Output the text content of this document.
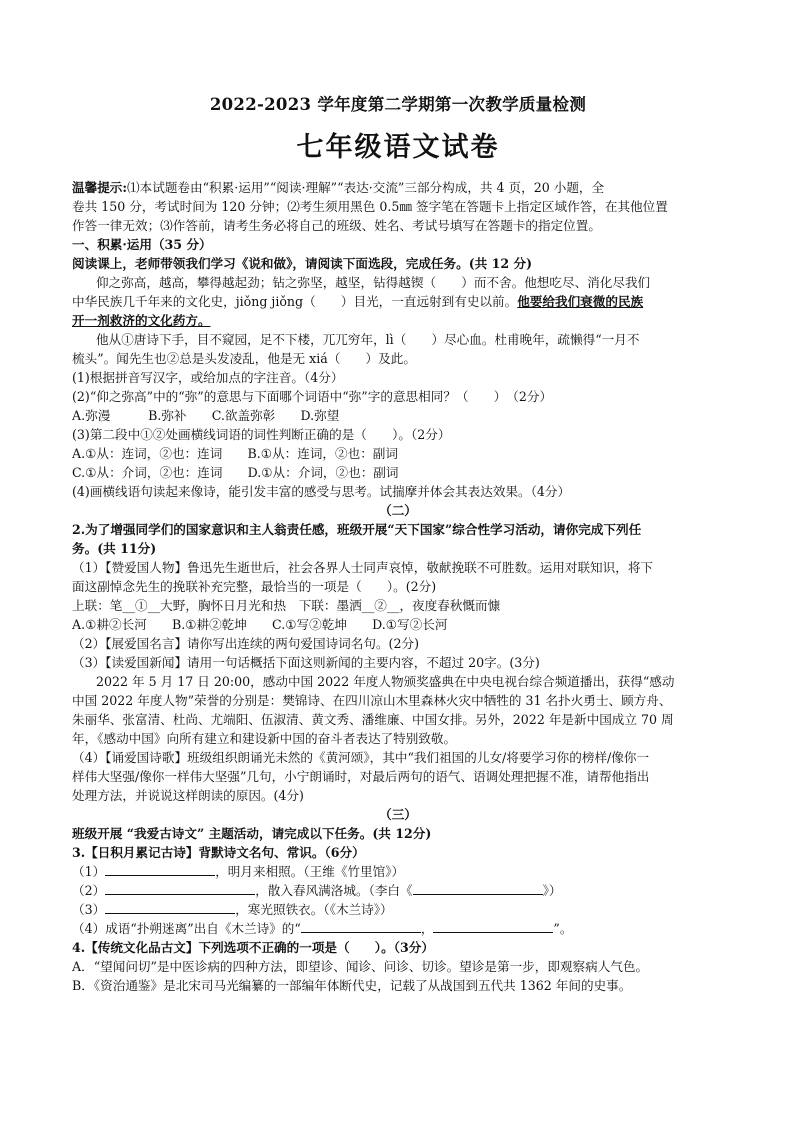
2022-2023 学年度第二学期第一次教学质量检测
七年级语文试卷
温馨提示:⑴本试题卷由“积累·运用”“阅读·理解”“表达·交流”三部分构成，共 4 页，20 小题，全
卷共 150 分，考试时间为 120 分钟；⑵考生须用黑色 0.5㎜ 签字笔在答题卡上指定区域作答，在其他位置
作答一律无效；⑶作答前，请考生务必将自己的班级、姓名、考试号填写在答题卡的指定位置。
一、积累·运用（35 分）
阅读课上，老师带领我们学习《说和做》，请阅读下面选段，完成任务。(共 12 分)
仰之弥高，越高，攀得越起劲；钻之弥坚，越坚，钻得越锲（　　）而不舍。他想吃尽、消化尽我们
中华民族几千年来的文化史，jiǒng jiǒng（　　）目光，一直远射到有史以前。他要给我们衰微的民族
开一剂救济的文化药方。
他从①唐诗下手，目不窥园，足不下楼，兀兀穷年，lì（　　）尽心血。杜甫晚年，疏懒得“一月不
梳头”。闻先生也②总是头发凌乱，他是无 xiá（　　）及此。
(1)根据拼音写汉字，或给加点的字注音。（4分）
(2)“仰之弥高”中的“弥”的意思与下面哪个词语中“弥”字的意思相同？（　　）　（2分）
A.弥漫　　　B.弥补　　C.欲盖弥彰　　D.弥望
(3)第二段中①②处画横线词语的词性判断正确的是（　　）。（2分）
A.①从：连词，②也：连词　　B.①从：连词，②也：副词
C.①从：介词，②也：连词　　D.①从：介词，②也：副词
(4)画横线语句读起来像诗，能引发丰富的感受与思考。试揣摩并体会其表达效果。（4分）
（二）
2.为了增强同学们的国家意识和主人翁责任感，班级开展“天下国家”综合性学习活动，请你完成下列任
务。(共 11分)
（1）【赞爱国人物】鲁迅先生逝世后，社会各界人士同声哀悼，敬献挽联不可胜数。运用对联知识，将下
面这副悼念先生的挽联补充完整，最恰当的一项是（　　）。(2分)
上联：笔__①__大野，胸怀日月光和热　下联：墨洒__②__，夜度春秋慨而慷
A.①耕②长河　　B.①耕②乾坤　　C.①写②乾坤　　D.①写②长河
（2）【展爱国名言】请你写出连续的两句爱国诗词名句。(2分)
（3）【读爱国新闻】请用一句话概括下面这则新闻的主要内容，不超过 20字。(3分)
2022 年 5 月 17 日 20:00，感动中国 2022 年度人物颁奖盛典在中央电视台综合频道播出，获得“感动
中国 2022 年度人物”荣誉的分别是：樊锦诗、在四川凉山木里森林火灾中牺牲的 31 名扑火勇士、顾方舟、
朱丽华、张富清、杜尚、尤端阳、伍淑清、黄文秀、潘维廉、中国女排。另外，2022 年是新中国成立 70 周
年，《感动中国》向所有建立和建设新中国的奋斗者表达了特别致敬。
（4）【诵爱国诗歌】班级组织朗诵光未然的《黄河颂》，其中“我们祖国的儿女/将要学习你的榜样/像你一
样伟大坚强/像你一样伟大坚强”几句，小宁朗诵时，对最后两句的语气、语调处理把握不准，请帮他指出
处理方法，并说说这样朗读的原因。(4分)
（三）
班级开展 “我爱古诗文” 主题活动，请完成以下任务。(共 12分)
3.【日积月累记古诗】背默诗文名句、常识。（6分）
（1）	，明月来相照。（王维《竹里馆》）
（2）	，散入春风满洛城。（李白《	》）
（3）	，寒光照铁衣。（《木兰诗》）
（4）成语“扑朔迷离”出自《木兰诗》的“	，	”。
4.【传统文化品古文】下列选项不正确的一项是（　　）。（3分）
A．“望闻问切”是中医诊病的四种方法，即望诊、闻诊、问诊、切诊。望诊是第一步，即观察病人气色。
B．《资治通鉴》是北宋司马光编纂的一部编年体断代史，记载了从战国到五代共 1362 年间的史事。
